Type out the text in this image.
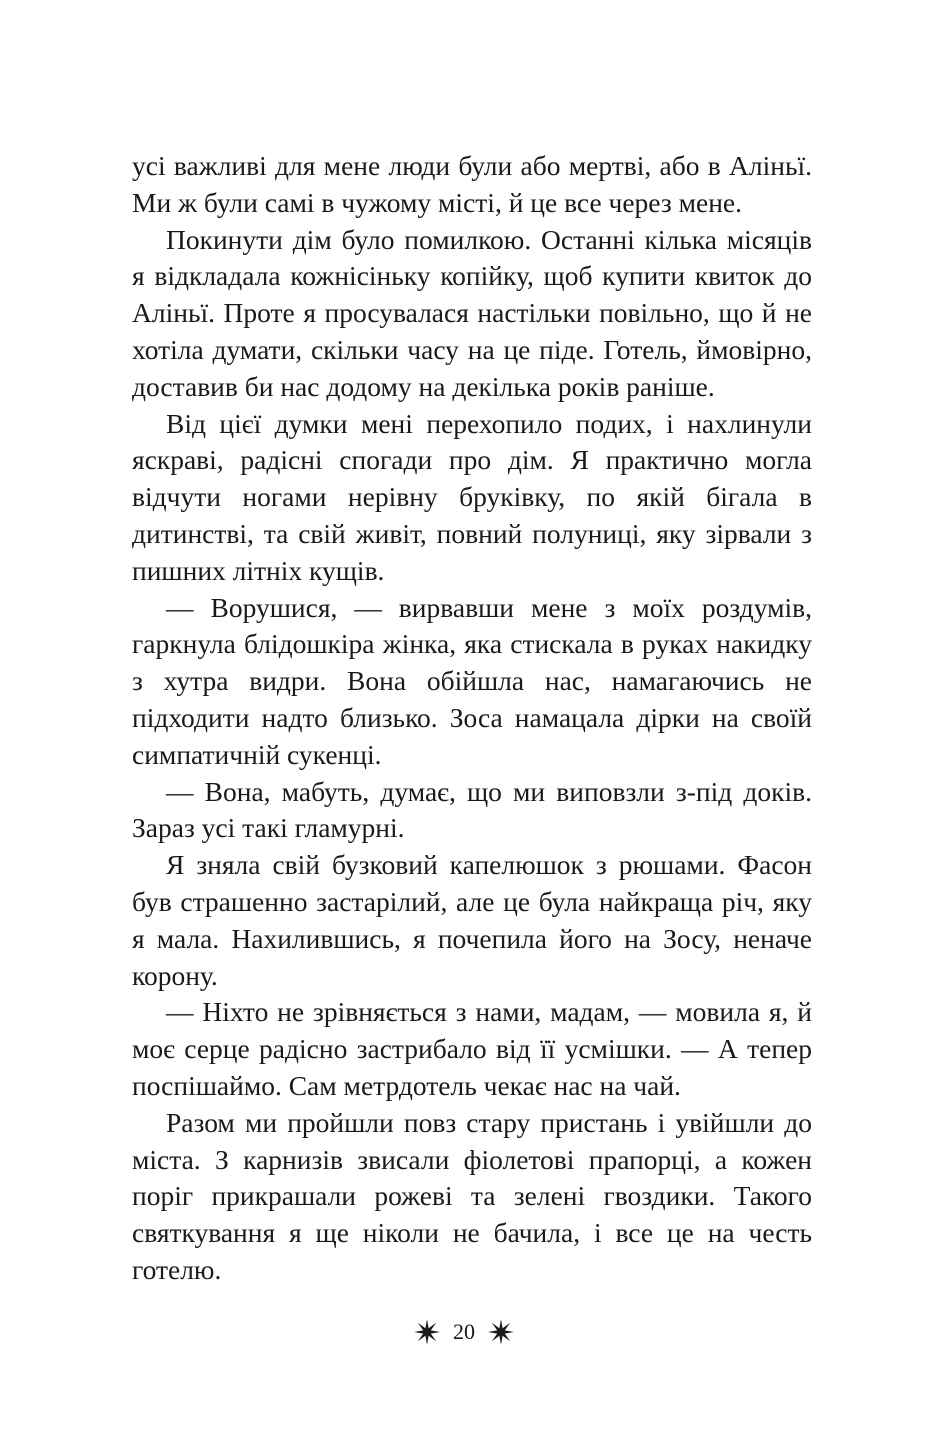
усі важливі для мене люди були або мертві, або в Аліньї. Ми ж були самі в чужому місті, й це все через мене.

Покинути дім було помилкою. Останні кілька місяців я відкладала кожнісіньку копійку, щоб купити квиток до Аліньї. Проте я просувалася настільки повільно, що й не хотіла думати, скільки часу на це піде. Готель, ймовірно, доставив би нас додому на декілька років раніше.

Від цієї думки мені перехопило подих, і нахлинули яскраві, радісні спогади про дім. Я практично могла відчути ногами нерівну бруківку, по якій бігала в дитинстві, та свій живіт, повний полуниці, яку зірвали з пишних літніх кущів.

— Ворушися, — вирвавши мене з моїх роздумів, гаркнула блідошкіра жінка, яка стискала в руках накидку з хутра видри. Вона обійшла нас, намагаючись не підходити надто близько. Зоса намацала дірки на своїй симпатичній сукенці.

— Вона, мабуть, думає, що ми виповзли з-під доків. Зараз усі такі гламурні.

Я зняла свій бузковий капелюшок з рюшами. Фасон був страшенно застарілий, але це була найкраща річ, яку я мала. Нахилившись, я почепила його на Зосу, неначе корону.

— Ніхто не зрівняється з нами, мадам, — мовила я, й моє серце радісно застрибало від її усмішки. — А тепер поспішаймо. Сам метрдотель чекає нас на чай.

Разом ми пройшли повз стару пристань і увійшли до міста. З карнизів звисали фіолетові прапорці, а кожен поріг прикрашали рожеві та зелені гвоздики. Такого святкування я ще ніколи не бачила, і все це на честь готелю.

20
